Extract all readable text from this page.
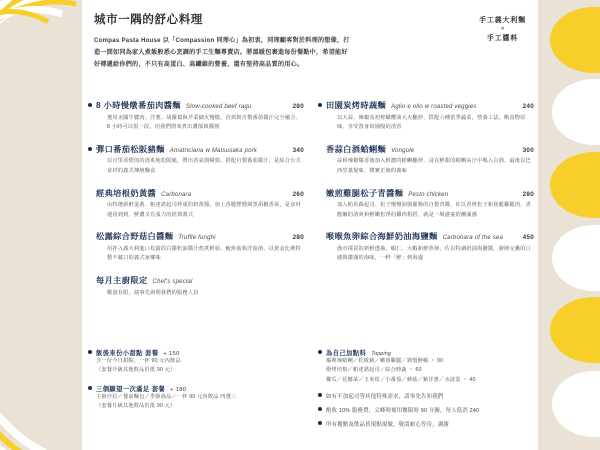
城市一隅的舒心料理

Compas Pasta House 以「Compassion 同理心」為初衷，同理顧客對於料理的想像，打造一間如同為家人煮飯般悉心烹調的手工生麵專賣店。將溫暖包裹進每份餐點中，希望能好好傳遞給你們的，不只有高蛋白、高纖維的營養，還有堅持高品質的用心。

手工義大利麵
×
手工醬料
8 小時慢燉番茄肉醬麵 Slow-cooked beef ragu	280
選用美國牛腱肉、洋蔥、胡蘿蔔與芹菜細火慢燉，直到與自製番茄醬汁完全融合。8 小時可以很一段，但我們則來煮出濃郁與醬層
彈口番茄松阪豬麵 Amatriciana w Matsusaka pork	340
以百里香煙煎的清炙地松阪豬，帶出香氣與嚼勁，搭配自製番茄醬汁，是結合台式食材的義式傳統麵食
經典培根奶黃醬 Carbonara	260
由特選新鮮蛋黃、帕達諾起司拌成的奶黃醬，加上香脆煙燻與黑胡椒香氣，是食材運用到到，鮮濃又有張力的經典義式
松露綜合野菇白醬麵 Truffle funghi	280
用拌入義大利進口松露的白醬奶油醬汁熬煮鮮菇、鮑魚菇與洋菇菌，以黃金比例特製不膩口的義式家鄉味
每月主廚限定 Chef's special
數量有限，請事先詢問我們的服務人員
田園炭烤時蔬麵 Aglio e olio w roasted veggies	240
以大蒜、辣椒及初榨橄欖油大火翻炒，搭配六種當季蔬菜，營養工法，飽食物原味，享受置身田園般的清香
香蒜白酒蛤蜊麵 Vongole	300
蒜和辣椒爆香後加入鮮濃的蛤蜊翻炒，浸在鮮甜的蛤蜊高汁中嗎入白酒，最後以巴西里葉提味，樸實正統的義味
嫩煎雞腿松子青醬麵 Pesto chicken	280
加入帕馬森起司、松子慢慢油與羅勒的自製青醬，佐以香烤松子和焦脆雞腿肉，香脆嫩的清爽和鮮嫩松淨的雞肉相搭，就是一場盛宴的團滿感
喉喉魚卵綜合海鮮奶油海鹽麵 Carbonara of the sea	450
漁市採買的新鮮透抽、蝦仁、大蝦和鮮魚卵，佐以特調奶油海鹽醬，層層交疊的口感與濃滿的海味，一秒「鮮」到海邊
飯後來份小甜點 套餐 + 150
含一份今日甜點，一杯 90 元內飲品
（套餐升級其他飲品折抵 90 元）
三個願望一次滿足 套餐 + 180
主廚沙拉／餐前麵包／季節湯品／一杯 90 元內飲品 四選三
（套餐升級其他飲品折抵 90 元）
為自己加點料 Topping
爆裡辣蛤蜊／松阪豬／嫩煎雞腿／剝殼鮮蝦 ・ 90
燈烤培根／帕達諾起司／綜合時蔬 ・ 60
櫛瓜／花椰菜／玉米筍／小番茄／蘑菇／紫洋蔥／水波蛋 ・ 40
如有不加起司等其他特殊需求，請事先告知我們
酌收 10% 服務費，尖峰時刻用餐限時 90 分鐘，每人低消 240
所有餐點及飲品皆現點現做，敬請耐心等待，謝謝
